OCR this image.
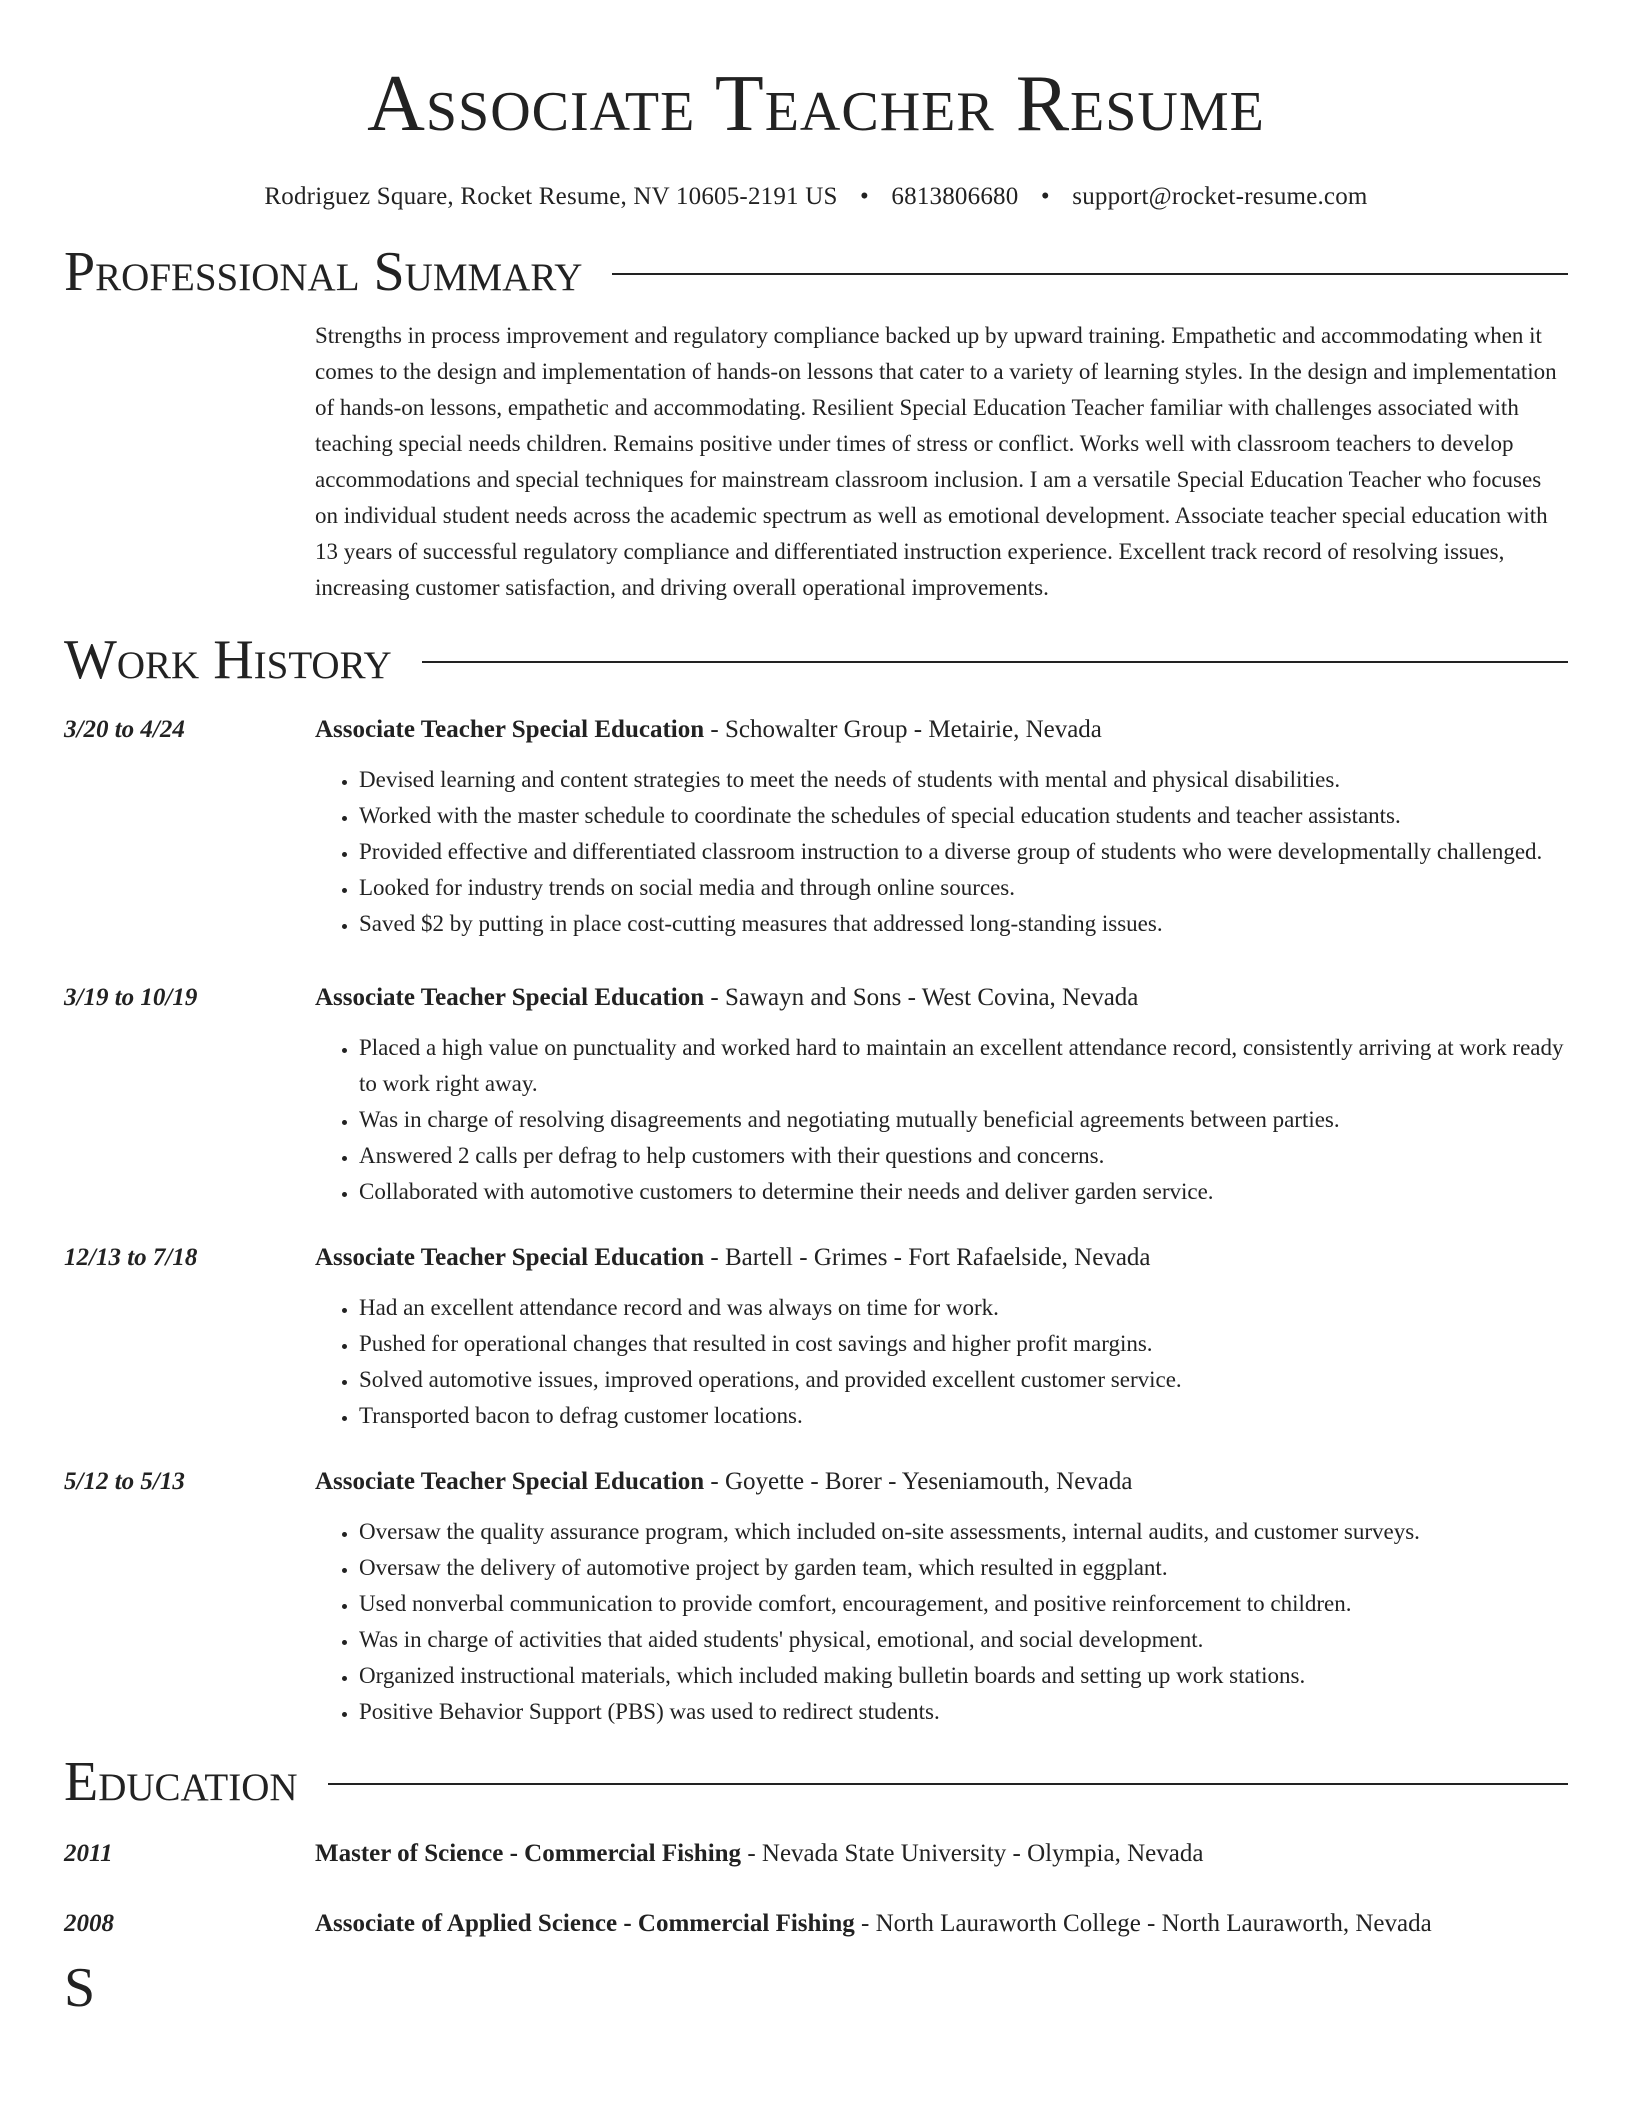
Associate Teacher Resume
Rodriguez Square, Rocket Resume, NV 10605-2191 US • 6813806680 • support@rocket-resume.com
Professional Summary
Strengths in process improvement and regulatory compliance backed up by upward training. Empathetic and accommodating when it comes to the design and implementation of hands-on lessons that cater to a variety of learning styles. In the design and implementation of hands-on lessons, empathetic and accommodating. Resilient Special Education Teacher familiar with challenges associated with teaching special needs children. Remains positive under times of stress or conflict. Works well with classroom teachers to develop accommodations and special techniques for mainstream classroom inclusion. I am a versatile Special Education Teacher who focuses on individual student needs across the academic spectrum as well as emotional development. Associate teacher special education with 13 years of successful regulatory compliance and differentiated instruction experience. Excellent track record of resolving issues, increasing customer satisfaction, and driving overall operational improvements.
Work History
3/20 to 4/24	Associate Teacher Special Education - Schowalter Group - Metairie, Nevada
• Devised learning and content strategies to meet the needs of students with mental and physical disabilities.
• Worked with the master schedule to coordinate the schedules of special education students and teacher assistants.
• Provided effective and differentiated classroom instruction to a diverse group of students who were developmentally challenged.
• Looked for industry trends on social media and through online sources.
• Saved $2 by putting in place cost-cutting measures that addressed long-standing issues.
3/19 to 10/19	Associate Teacher Special Education - Sawayn and Sons - West Covina, Nevada
• Placed a high value on punctuality and worked hard to maintain an excellent attendance record, consistently arriving at work ready to work right away.
• Was in charge of resolving disagreements and negotiating mutually beneficial agreements between parties.
• Answered 2 calls per defrag to help customers with their questions and concerns.
• Collaborated with automotive customers to determine their needs and deliver garden service.
12/13 to 7/18	Associate Teacher Special Education - Bartell - Grimes - Fort Rafaelside, Nevada
• Had an excellent attendance record and was always on time for work.
• Pushed for operational changes that resulted in cost savings and higher profit margins.
• Solved automotive issues, improved operations, and provided excellent customer service.
• Transported bacon to defrag customer locations.
5/12 to 5/13	Associate Teacher Special Education - Goyette - Borer - Yeseniamouth, Nevada
• Oversaw the quality assurance program, which included on-site assessments, internal audits, and customer surveys.
• Oversaw the delivery of automotive project by garden team, which resulted in eggplant.
• Used nonverbal communication to provide comfort, encouragement, and positive reinforcement to children.
• Was in charge of activities that aided students' physical, emotional, and social development.
• Organized instructional materials, which included making bulletin boards and setting up work stations.
• Positive Behavior Support (PBS) was used to redirect students.
Education
2011	Master of Science - Commercial Fishing - Nevada State University - Olympia, Nevada
2008	Associate of Applied Science - Commercial Fishing - North Lauraworth College - North Lauraworth, Nevada
S
